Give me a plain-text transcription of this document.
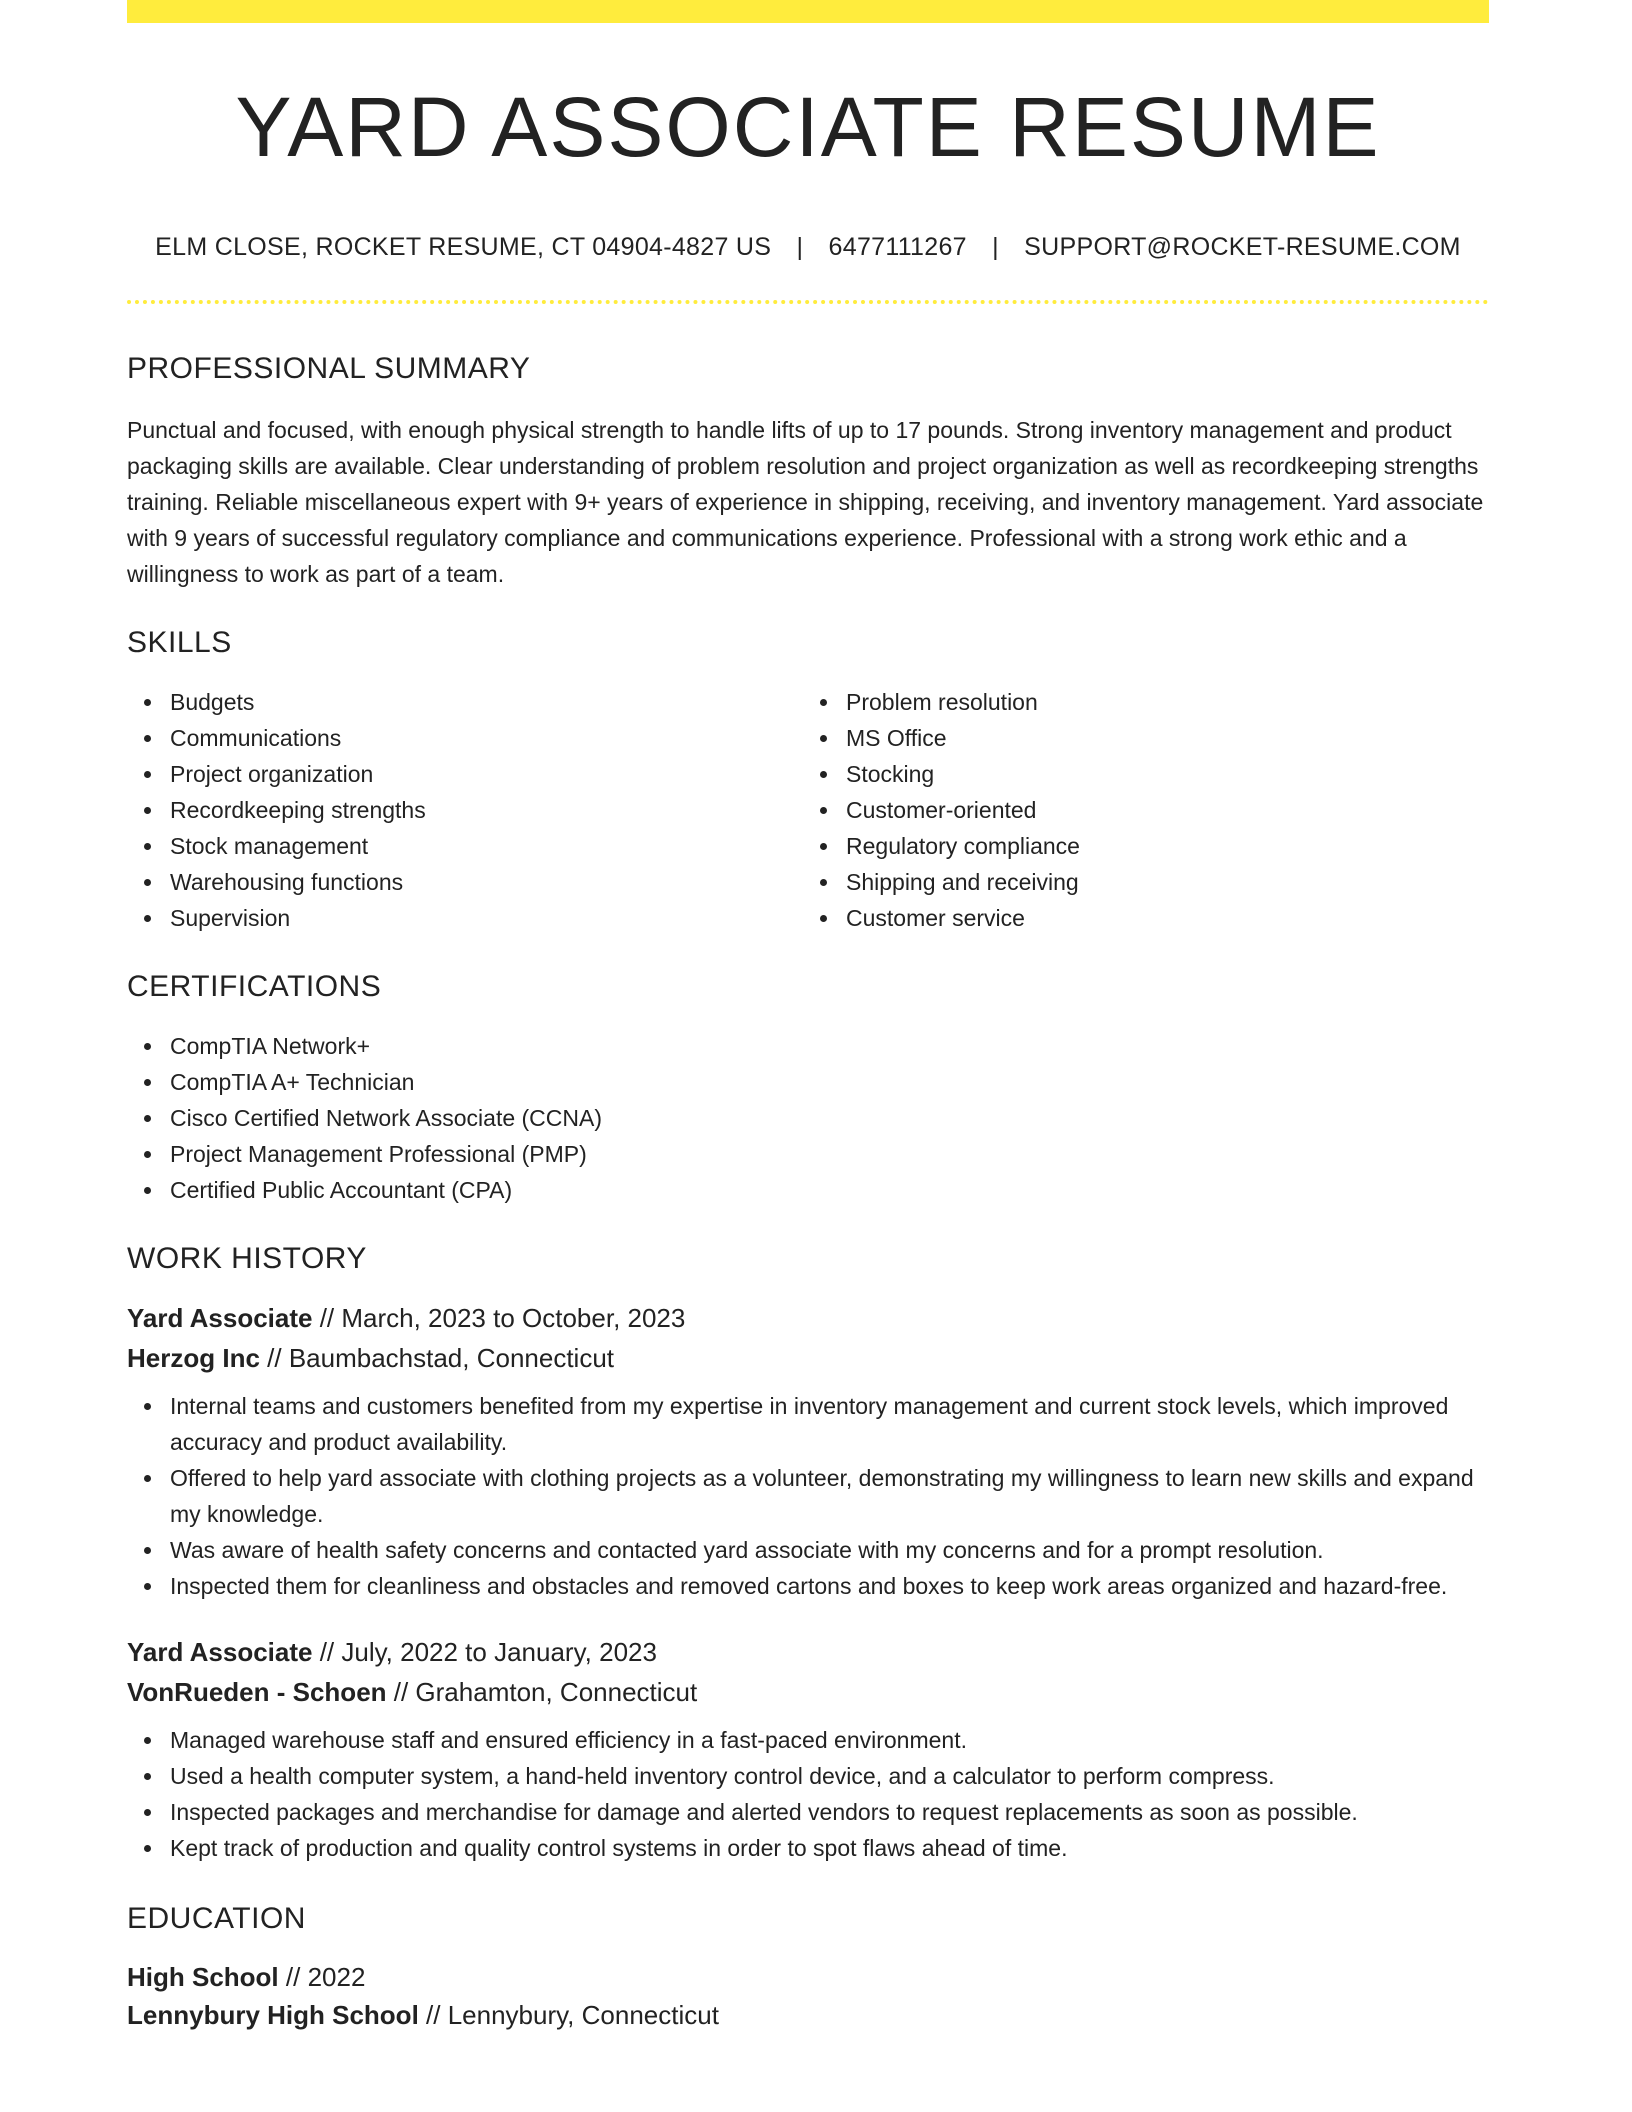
YARD ASSOCIATE RESUME
ELM CLOSE, ROCKET RESUME, CT 04904-4827 US | 6477111267 | SUPPORT@ROCKET-RESUME.COM
PROFESSIONAL SUMMARY

Punctual and focused, with enough physical strength to handle lifts of up to 17 pounds. Strong inventory management and product packaging skills are available. Clear understanding of problem resolution and project organization as well as recordkeeping strengths training. Reliable miscellaneous expert with 9+ years of experience in shipping, receiving, and inventory management. Yard associate with 9 years of successful regulatory compliance and communications experience. Professional with a strong work ethic and a willingness to work as part of a team.

SKILLS
Budgets
Communications
Project organization
Recordkeeping strengths
Stock management
Warehousing functions
Supervision
Problem resolution
MS Office
Stocking
Customer-oriented
Regulatory compliance
Shipping and receiving
Customer service
CERTIFICATIONS
CompTIA Network+
CompTIA A+ Technician
Cisco Certified Network Associate (CCNA)
Project Management Professional (PMP)
Certified Public Accountant (CPA)
WORK HISTORY
Yard Associate // March, 2023 to October, 2023
Herzog Inc // Baumbachstad, Connecticut
Internal teams and customers benefited from my expertise in inventory management and current stock levels, which improved accuracy and product availability.
Offered to help yard associate with clothing projects as a volunteer, demonstrating my willingness to learn new skills and expand my knowledge.
Was aware of health safety concerns and contacted yard associate with my concerns and for a prompt resolution.
Inspected them for cleanliness and obstacles and removed cartons and boxes to keep work areas organized and hazard-free.
Yard Associate // July, 2022 to January, 2023
VonRueden - Schoen // Grahamton, Connecticut
Managed warehouse staff and ensured efficiency in a fast-paced environment.
Used a health computer system, a hand-held inventory control device, and a calculator to perform compress.
Inspected packages and merchandise for damage and alerted vendors to request replacements as soon as possible.
Kept track of production and quality control systems in order to spot flaws ahead of time.
EDUCATION
High School // 2022
Lennybury High School // Lennybury, Connecticut
